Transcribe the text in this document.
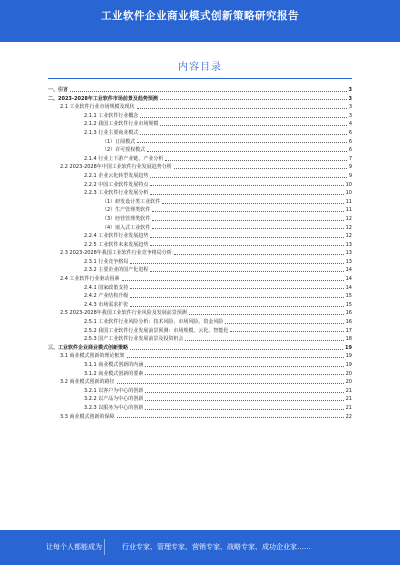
工业软件企业商业模式创新策略研究报告
内容目录
一、引言	3
二、2023-2028年工业软件市场前景及趋势预测	3
2.1 工业软件行业市场规模及现状	3
2.1.1 工业软件行业概念	3
2.1.2 我国工业软件行业市场规模	4
2.1.3 行业主要商业模式	6
（1）订阅模式	6
（2）许可授权模式	6
2.1.4 行业上下游产业链、产业分析	7
2.2 2023-2028年中国工业软件行业发展趋势分析	9
2.2.1 企业云化转型发展趋势	9
2.2.2 中国工业软件发展特点	10
2.2.3 工业软件行业发展分析	10
（1）研发设计类工业软件	11
（2）生产管理类软件	11
（3）经营管理类软件	12
（4）嵌入式工业软件	12
2.2.4 工业软件行业发展趋势	12
2.2.5 工业软件未来发展趋势	13
2.3 2023-2028年我国工业软件行业竞争格局分析	13
2.3.1 行业竞争格局	13
2.3.2 主要企业的国产化进程	14
2.4 工业软件行业驱动因素	14
2.4.1 国家政策支持	14
2.4.2 产业结构升级	15
2.4.3 市场需求扩张	15
2.5 2023-2028年我国工业软件行业风险及发展前景预测	16
2.5.1 工业软件行业风险分析：技术风险、市场风险、资金风险	16
2.5.2 我国工业软件行业发展前景预测：市场规模、云化、智能化	17
2.5.3 国产工业软件行业发展前景及投资机会	18
三、工业软件企业商业模式创新策略	19
3.1 商业模式创新的理论框架	19
3.1.1 商业模式创新的内涵	19
3.1.2 商业模式创新的要素	20
3.2 商业模式创新的路径	20
3.2.1 以客户为中心的创新	21
3.2.2 以产品为中心的创新	21
3.2.3 以服务为中心的创新	21
3.3 商业模式创新的保障	22
让每个人都能成为	行业专家、管理专家、营销专家、战略专家、成功企业家……
